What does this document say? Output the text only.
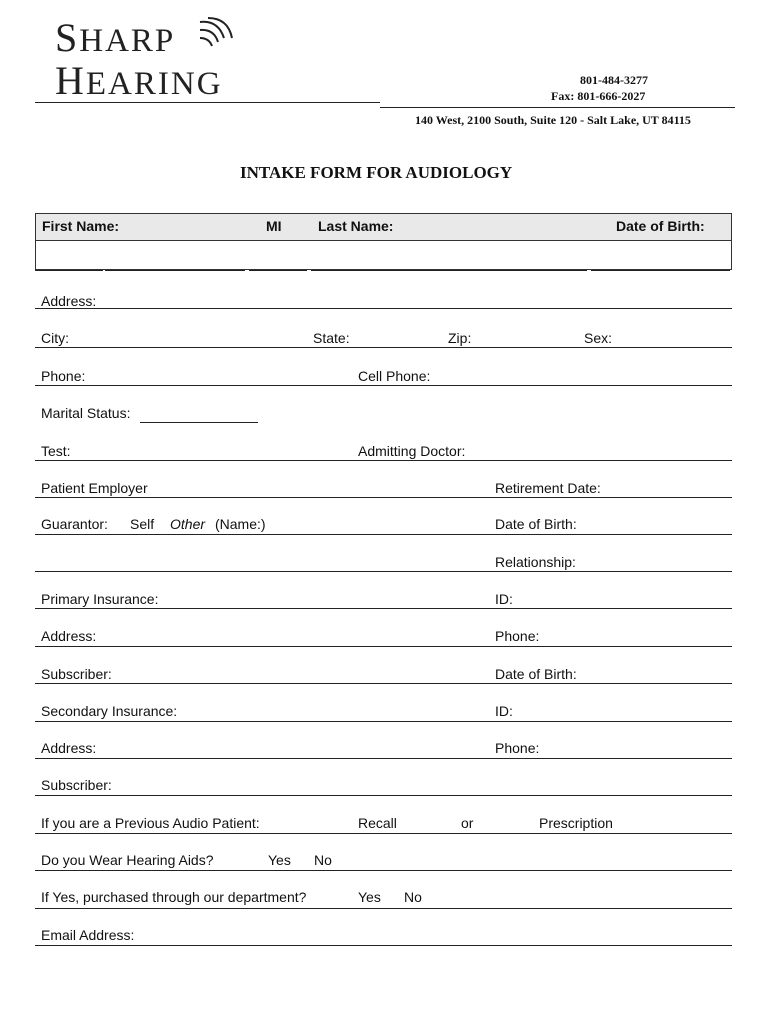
SHARP
HEARING	801-484-3277
Fax: 801-666-2027
140 West, 2100 South, Suite 120 - Salt Lake, UT 84115
INTAKE FORM FOR AUDIOLOGY
First Name:	MI	Last Name:	Date of Birth:
Address:
City:	State:	Zip:	Sex:
Phone:	Cell Phone:
Marital Status:
Test:	Admitting Doctor:
Patient Employer	Retirement Date:
Guarantor: Self Other (Name:)	Date of Birth:
Relationship:
Primary Insurance:	ID:
Address:	Phone:
Subscriber:	Date of Birth:
Secondary Insurance:	ID:
Address:	Phone:
Subscriber:
If you are a Previous Audio Patient:	Recall	or	Prescription
Do you Wear Hearing Aids?	Yes No
If Yes, purchased through our department?	Yes No
Email Address:
